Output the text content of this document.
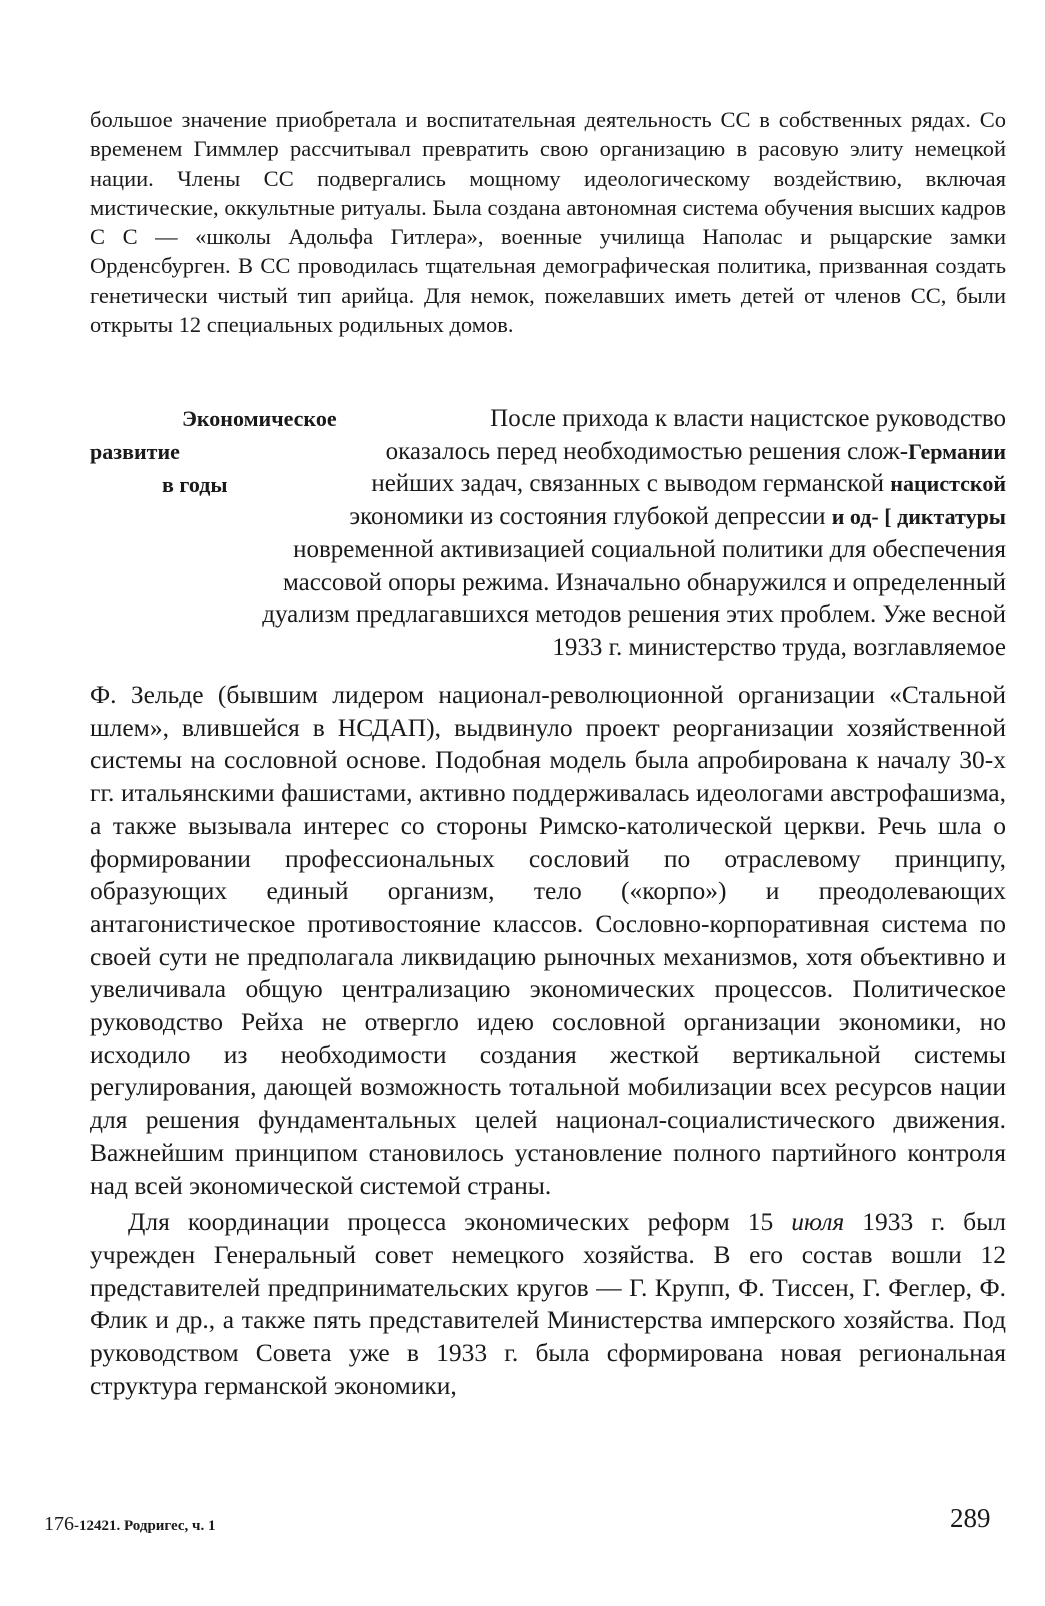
большое значение приобретала и воспитательная деятельность СС в собственных рядах. Со временем Гиммлер рассчитывал превратить свою организацию в расовую элиту немецкой нации. Члены СС подвергались мощному идеологическому воздействию, включая мистические, оккультные ритуалы. Была создана автономная система обучения высших кадров С С — «школы Адольфа Гитлера», военные училища Наполас и рыцарские замки Орденсбурген. В СС проводилась тщательная демографическая политика, призванная создать генетически чистый тип арийца. Для немок, пожелавших иметь детей от членов СС, были открыты 12 специальных родильных домов.

Экономическое
развитие
в годы
После прихода к власти нацистское руководство
оказалось перед необходимостью решения слож-Германии
нейших задач, связанных с выводом германской нацистской
экономики из состояния глубокой депрессии и од- [ диктатуры
новременной активизацией социальной политики для обеспечения
массовой опоры режима. Изначально обнаружился и определенный
дуализм предлагавшихся методов решения этих проблем. Уже весной
1933 г. министерство труда, возглавляемое

Ф. Зельде (бывшим лидером национал-революционной организации «Стальной шлем», влившейся в НСДАП), выдвинуло проект реорганизации хозяйственной системы на сословной основе. Подобная модель была апробирована к началу 30-х гг. итальянскими фашистами, активно поддерживалась идеологами австрофашизма, а также вызывала интерес со стороны Римско-католической церкви. Речь шла о формировании профессиональных сословий по отраслевому принципу, образующих единый организм, тело («корпо») и преодолевающих антагонистическое противостояние классов. Сословно-корпоративная система по своей сути не предполагала ликвидацию рыночных механизмов, хотя объективно и увеличивала общую централизацию экономических процессов. Политическое руководство Рейха не отвергло идею сословной организации экономики, но исходило из необходимости создания жесткой вертикальной системы регулирования, дающей возможность тотальной мобилизации всех ресурсов нации для решения фундаментальных целей национал-социалистического движения. Важнейшим принципом становилось установление полного партийного контроля над всей экономической системой страны.

Для координации процесса экономических реформ 15 июля 1933 г. был учрежден Генеральный совет немецкого хозяйства. В его состав вошли 12 представителей предпринимательских кругов — Г. Крупп, Ф. Тиссен, Г. Феглер, Ф. Флик и др., а также пять представителей Министерства имперского хозяйства. Под руководством Совета уже в 1933 г. была сформирована новая региональная структура германской экономики,

176-12421. Родригес, ч. 1	289
